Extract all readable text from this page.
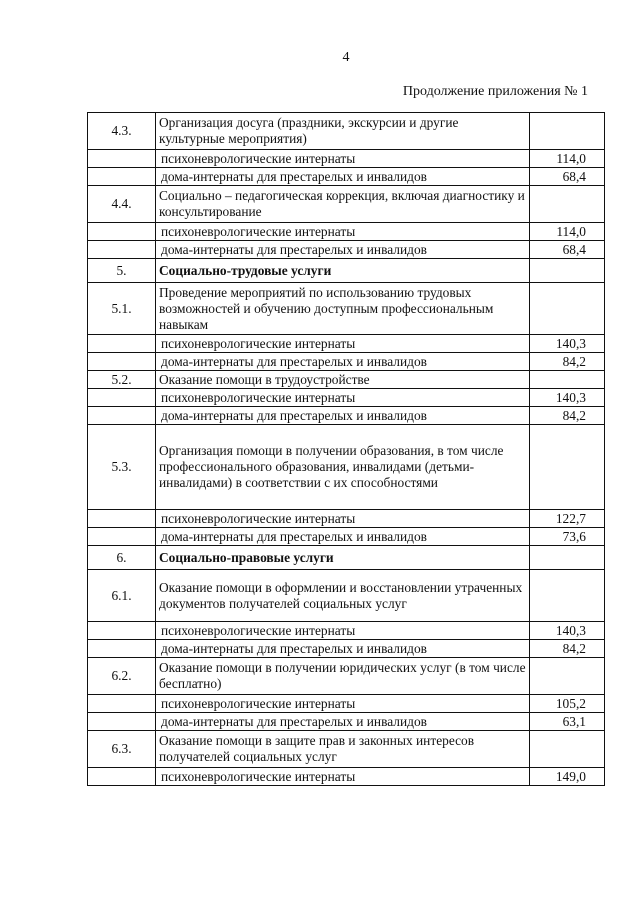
4
Продолжение приложения № 1
4.3.	Организация досуга (праздники, экскурсии и другие культурные мероприятия)	
	психоневрологические интернаты	114,0
	дома-интернаты для престарелых и инвалидов	68,4
4.4.	Социально – педагогическая коррекция, включая диагностику и консультирование	
	психоневрологические интернаты	114,0
	дома-интернаты для престарелых и инвалидов	68,4
5.	Социально-трудовые услуги	
5.1.	Проведение мероприятий по использованию трудовых возможностей и обучению доступным профессиональным навыкам	
	психоневрологические интернаты	140,3
	дома-интернаты для престарелых и инвалидов	84,2
5.2.	Оказание помощи в трудоустройстве	
	психоневрологические интернаты	140,3
	дома-интернаты для престарелых и инвалидов	84,2
5.3.	Организация помощи в получении образования, в том числе профессионального образования, инвалидами (детьми-инвалидами) в соответствии с их способностями	
	психоневрологические интернаты	122,7
	дома-интернаты для престарелых и инвалидов	73,6
6.	Социально-правовые услуги	
6.1.	Оказание помощи в оформлении и восстановлении утраченных документов получателей социальных услуг	
	психоневрологические интернаты	140,3
	дома-интернаты для престарелых и инвалидов	84,2
6.2.	Оказание помощи в получении юридических услуг (в том числе бесплатно)	
	психоневрологические интернаты	105,2
	дома-интернаты для престарелых и инвалидов	63,1
6.3.	Оказание помощи в защите прав и законных интересов получателей социальных услуг	
	психоневрологические интернаты	149,0
